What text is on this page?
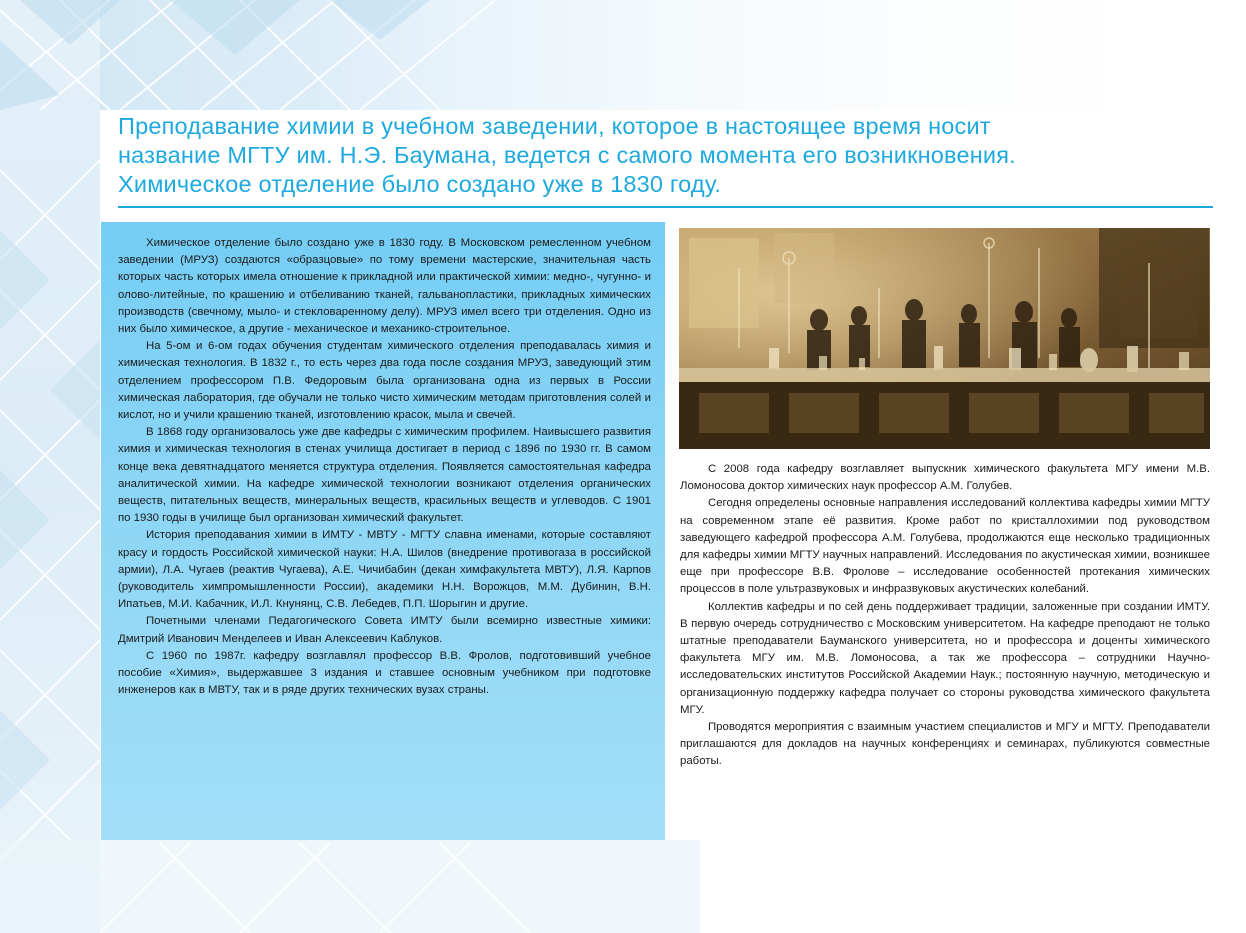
Преподавание химии в учебном заведении, которое в настоящее время носит
название МГТУ им. Н.Э. Баумана, ведется с самого момента его возникновения.
Химическое отделение было создано уже в 1830 году.

Химическое отделение было создано уже в 1830 году. В Московском ремесленном учебном заведении (МРУЗ) создаются «образцовые» по тому времени мастерские, значительная часть которых часть которых имела отношение к прикладной или практической химии: медно-, чугунно- и олово-литейные, по крашению и отбеливанию тканей, гальванопластики, прикладных химических производств (свечному, мыло- и стекловаренному делу). МРУЗ имел всего три отделения. Одно из них было химическое, а другие - механическое и механико-строительное.

На 5-ом и 6-ом годах обучения студентам химического отделения преподавалась химия и химическая технология. В 1832 г., то есть через два года после создания МРУЗ, заведующий этим отделением профессором П.В. Федоровым была организована одна из первых в России химическая лаборатория, где обучали не только чисто химическим методам приготовления солей и кислот, но и учили крашению тканей, изготовлению красок, мыла и свечей.

В 1868 году организовалось уже две кафедры с химическим профилем. Наивысшего развития химия и химическая технология в стенах училища достигает в период с 1896 по 1930 гг. В самом конце века девятнадцатого меняется структура отделения. Появляется самостоятельная кафедра аналитической химии. На кафедре химической технологии возникают отделения органических веществ, питательных веществ, минеральных веществ, красильных веществ и углеводов. С 1901 по 1930 годы в училище был организован химический факультет.

История преподавания химии в ИМТУ - МВТУ - МГТУ славна именами, которые составляют красу и гордость Российской химической науки: Н.А. Шилов (внедрение противогаза в российской армии), Л.А. Чугаев (реактив Чугаева), А.Е. Чичибабин (декан химфакультета МВТУ), Л.Я. Карпов (руководитель химпромышленности России), академики Н.Н. Ворожцов, М.М. Дубинин, В.Н. Ипатьев, М.И. Кабачник, И.Л. Кнунянц, С.В. Лебедев, П.П. Шорыгин и другие.

Почетными членами Педагогического Совета ИМТУ были всемирно известные химики: Дмитрий Иванович Менделеев и Иван Алексеевич Каблуков.

С 1960 по 1987г. кафедру возглавлял профессор В.В. Фролов, подготовивший учебное пособие «Химия», выдержавшее 3 издания и ставшее основным учебником при подготовке инженеров как в МВТУ, так и в ряде других технических вузах страны.

С 2008 года кафедру возглавляет выпускник химического факультета МГУ имени М.В. Ломоносова доктор химических наук профессор А.М. Голубев.

Сегодня определены основные направления исследований коллектива кафедры химии МГТУ на современном этапе её развития. Кроме работ по кристаллохимии под руководством заведующего кафедрой профессора А.М. Голубева, продолжаются еще несколько традиционных для кафедры химии МГТУ научных направлений. Исследования по акустическая химии, возникшее еще при профессоре В.В. Фролове – исследование особенностей протекания химических процессов в поле ультразвуковых и инфразвуковых акустических колебаний.

Коллектив кафедры и по сей день поддерживает традиции, заложенные при создании ИМТУ. В первую очередь сотрудничество с Московским университетом. На кафедре преподают не только штатные преподаватели Бауманского университета, но и профессора и доценты химического факультета МГУ им. М.В. Ломоносова, а так же профессора – сотрудники Научно-исследовательских институтов Российской Академии Наук.; постоянную научную, методическую и организационную поддержку кафедра получает со стороны руководства химического факультета МГУ.

Проводятся мероприятия с взаимным участием специалистов и МГУ и МГТУ. Преподаватели приглашаются для докладов на научных конференциях и семинарах, публикуются совместные работы.
